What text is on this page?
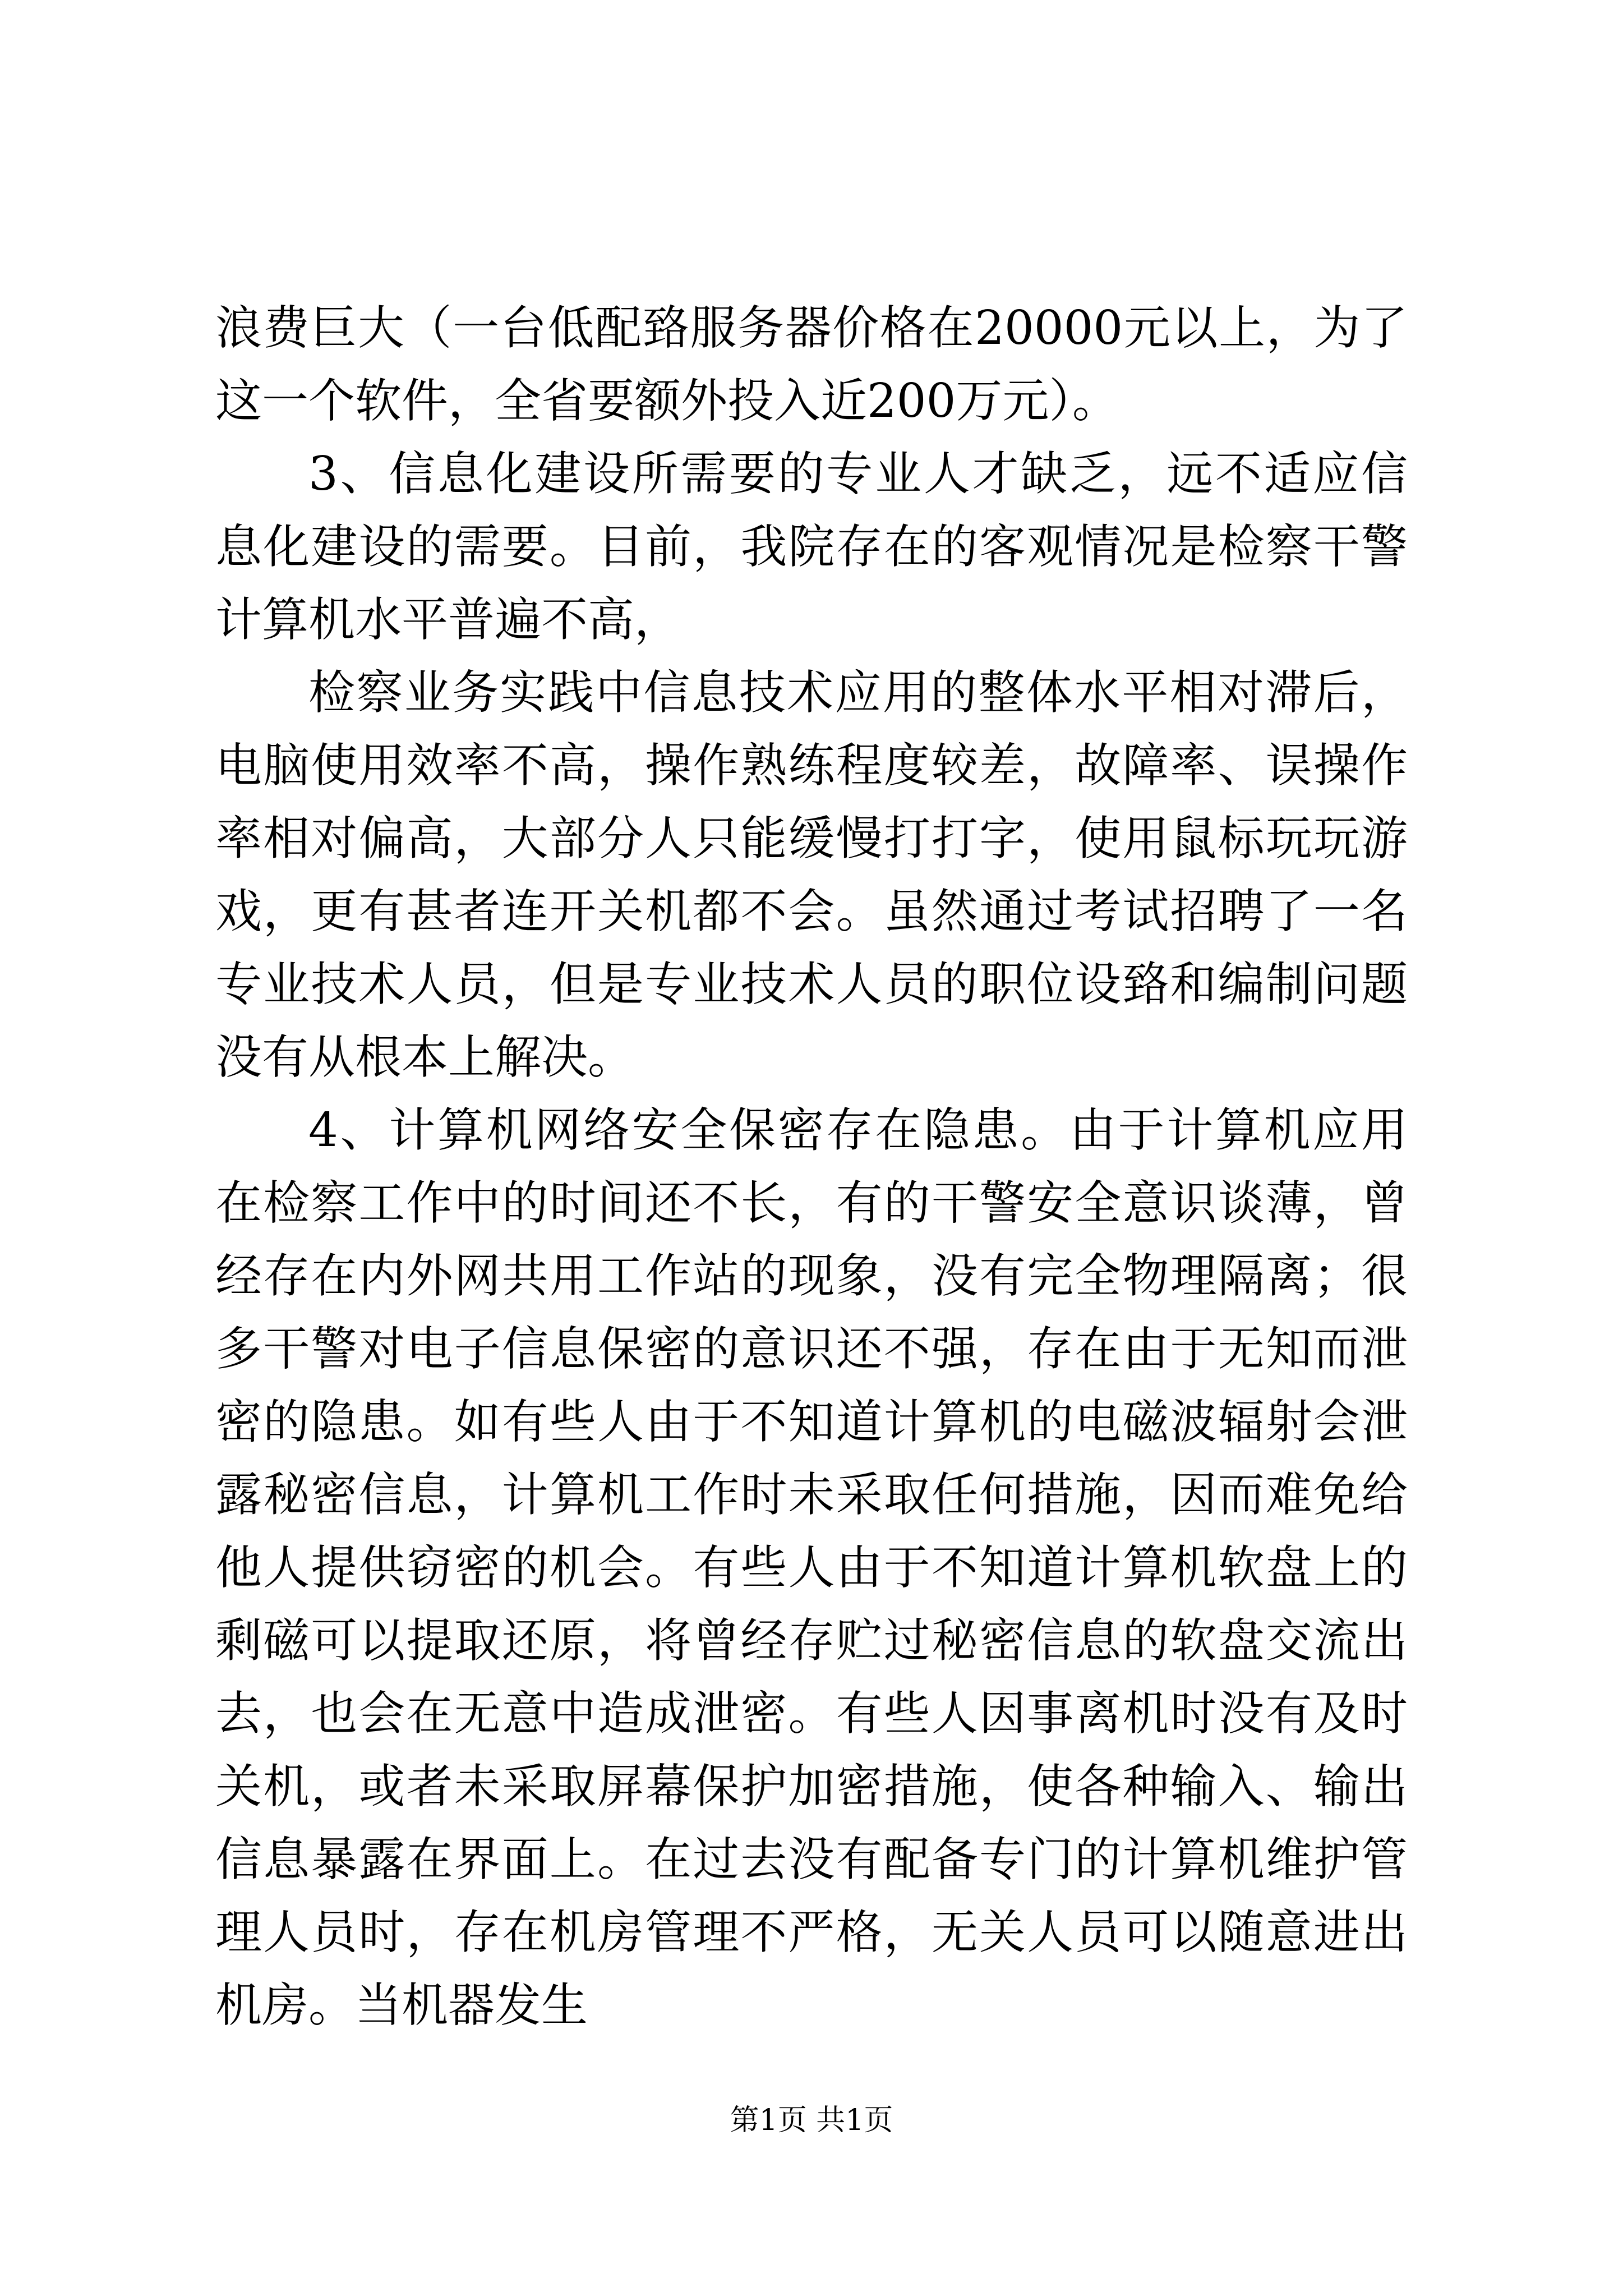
浪费巨大（一台低配臵服务器价格在20000元以上，为了这一个软件，全省要额外投入近200万元）。

3、信息化建设所需要的专业人才缺乏，远不适应信息化建设的需要。目前，我院存在的客观情况是检察干警计算机水平普遍不高，

检察业务实践中信息技术应用的整体水平相对滞后，电脑使用效率不高，操作熟练程度较差，故障率、误操作率相对偏高，大部分人只能缓慢打打字，使用鼠标玩玩游戏，更有甚者连开关机都不会。虽然通过考试招聘了一名专业技术人员，但是专业技术人员的职位设臵和编制问题没有从根本上解决。

4、计算机网络安全保密存在隐患。由于计算机应用在检察工作中的时间还不长，有的干警安全意识谈薄，曾经存在内外网共用工作站的现象，没有完全物理隔离；很多干警对电子信息保密的意识还不强，存在由于无知而泄密的隐患。如有些人由于不知道计算机的电磁波辐射会泄露秘密信息，计算机工作时未采取任何措施，因而难免给他人提供窃密的机会。有些人由于不知道计算机软盘上的剩磁可以提取还原，将曾经存贮过秘密信息的软盘交流出去，也会在无意中造成泄密。有些人因事离机时没有及时关机，或者未采取屏幕保护加密措施，使各种输入、输出信息暴露在界面上。在过去没有配备专门的计算机维护管理人员时，存在机房管理不严格，无关人员可以随意进出机房。当机器发生

第1页 共1页
